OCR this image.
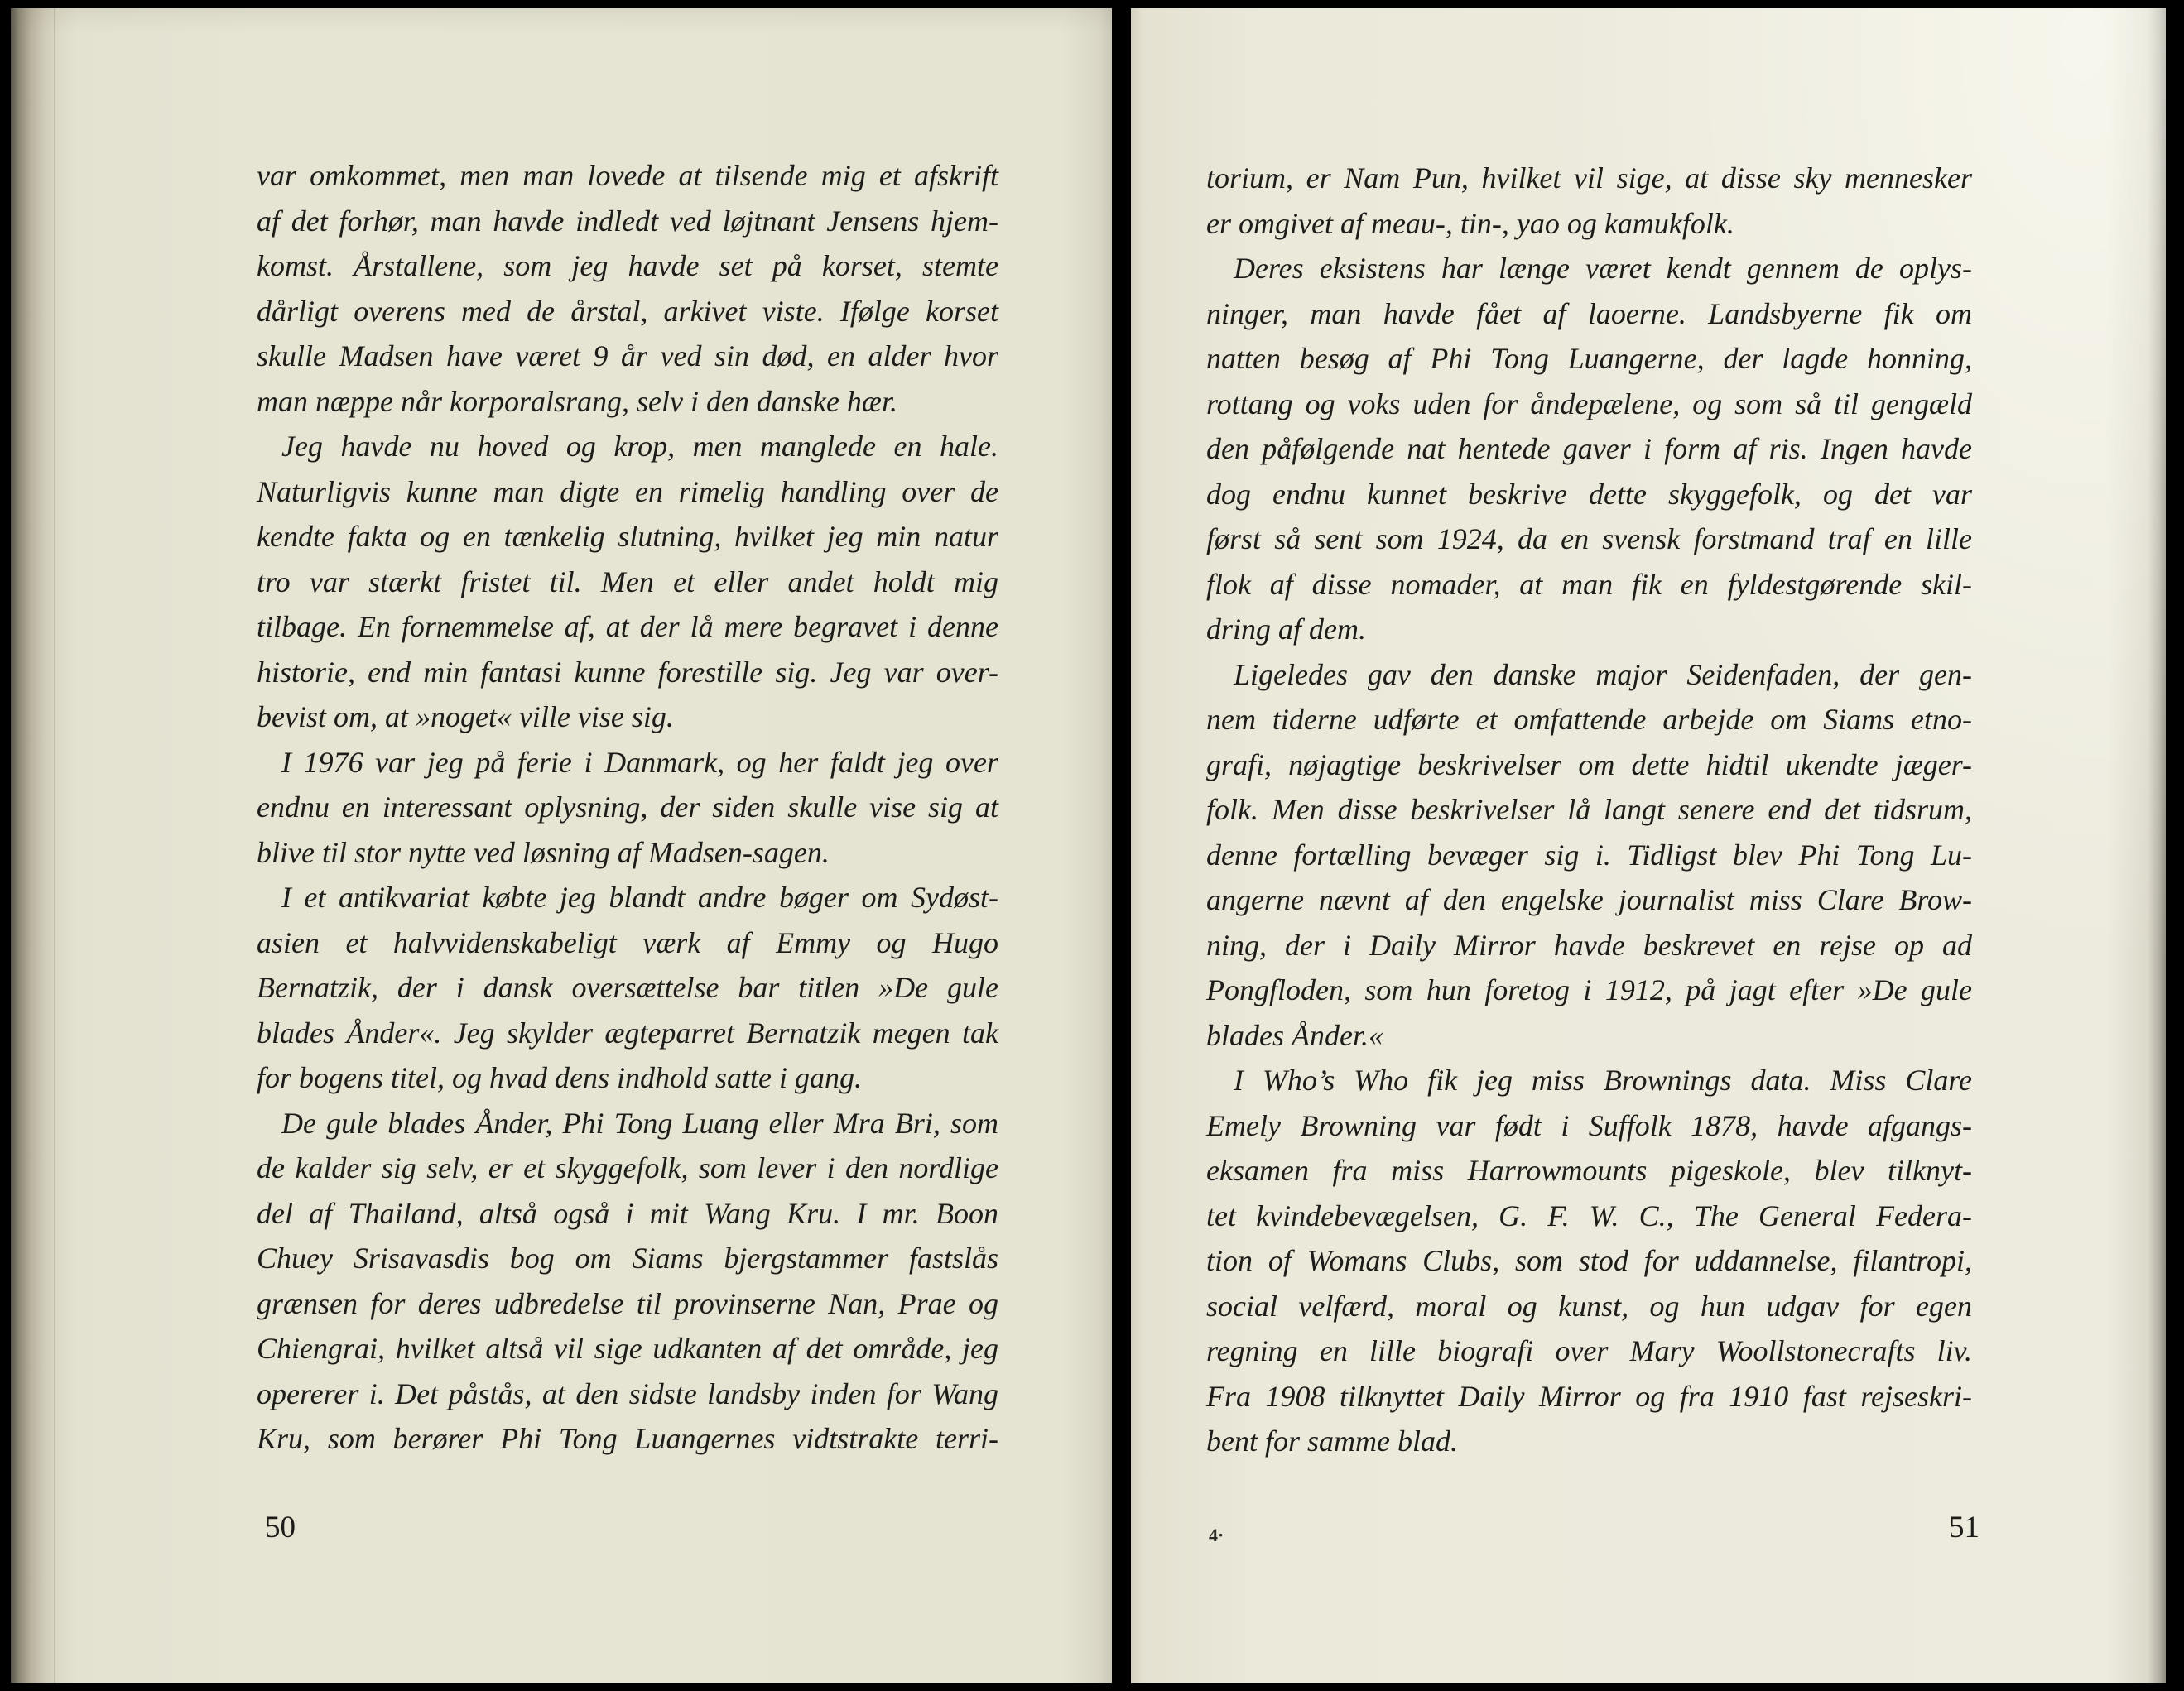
var omkommet, men man lovede at tilsende mig et afskrift
af det forhør, man havde indledt ved løjtnant Jensens hjem-
komst. Årstallene, som jeg havde set på korset, stemte
dårligt overens med de årstal, arkivet viste. Ifølge korset
skulle Madsen have været 9 år ved sin død, en alder hvor
man næppe når korporalsrang, selv i den danske hær.
Jeg havde nu hoved og krop, men manglede en hale.
Naturligvis kunne man digte en rimelig handling over de
kendte fakta og en tænkelig slutning, hvilket jeg min natur
tro var stærkt fristet til. Men et eller andet holdt mig
tilbage. En fornemmelse af, at der lå mere begravet i denne
historie, end min fantasi kunne forestille sig. Jeg var over-
bevist om, at »noget« ville vise sig.
I 1976 var jeg på ferie i Danmark, og her faldt jeg over
endnu en interessant oplysning, der siden skulle vise sig at
blive til stor nytte ved løsning af Madsen-sagen.
I et antikvariat købte jeg blandt andre bøger om Sydøst-
asien et halvvidenskabeligt værk af Emmy og Hugo
Bernatzik, der i dansk oversættelse bar titlen »De gule
blades Ånder«. Jeg skylder ægteparret Bernatzik megen tak
for bogens titel, og hvad dens indhold satte i gang.
De gule blades Ånder, Phi Tong Luang eller Mra Bri, som
de kalder sig selv, er et skyggefolk, som lever i den nordlige
del af Thailand, altså også i mit Wang Kru. I mr. Boon
Chuey Srisavasdis bog om Siams bjergstammer fastslås
grænsen for deres udbredelse til provinserne Nan, Prae og
Chiengrai, hvilket altså vil sige udkanten af det område, jeg
opererer i. Det påstås, at den sidste landsby inden for Wang
Kru, som berører Phi Tong Luangernes vidtstrakte terri-
50
torium, er Nam Pun, hvilket vil sige, at disse sky mennesker
er omgivet af meau-, tin-, yao og kamukfolk.
Deres eksistens har længe været kendt gennem de oplys-
ninger, man havde fået af laoerne. Landsbyerne fik om
natten besøg af Phi Tong Luangerne, der lagde honning,
rottang og voks uden for åndepælene, og som så til gengæld
den påfølgende nat hentede gaver i form af ris. Ingen havde
dog endnu kunnet beskrive dette skyggefolk, og det var
først så sent som 1924, da en svensk forstmand traf en lille
flok af disse nomader, at man fik en fyldestgørende skil-
dring af dem.
Ligeledes gav den danske major Seidenfaden, der gen-
nem tiderne udførte et omfattende arbejde om Siams etno-
grafi, nøjagtige beskrivelser om dette hidtil ukendte jæger-
folk. Men disse beskrivelser lå langt senere end det tidsrum,
denne fortælling bevæger sig i. Tidligst blev Phi Tong Lu-
angerne nævnt af den engelske journalist miss Clare Brow-
ning, der i Daily Mirror havde beskrevet en rejse op ad
Pongfloden, som hun foretog i 1912, på jagt efter »De gule
blades Ånder.«
I Who’s Who fik jeg miss Brownings data. Miss Clare
Emely Browning var født i Suffolk 1878, havde afgangs-
eksamen fra miss Harrowmounts pigeskole, blev tilknyt-
tet kvindebevægelsen, G. F. W. C., The General Federa-
tion of Womans Clubs, som stod for uddannelse, filantropi,
social velfærd, moral og kunst, og hun udgav for egen
regning en lille biografi over Mary Woollstonecrafts liv.
Fra 1908 tilknyttet Daily Mirror og fra 1910 fast rejseskri-
bent for samme blad.
4·	51
